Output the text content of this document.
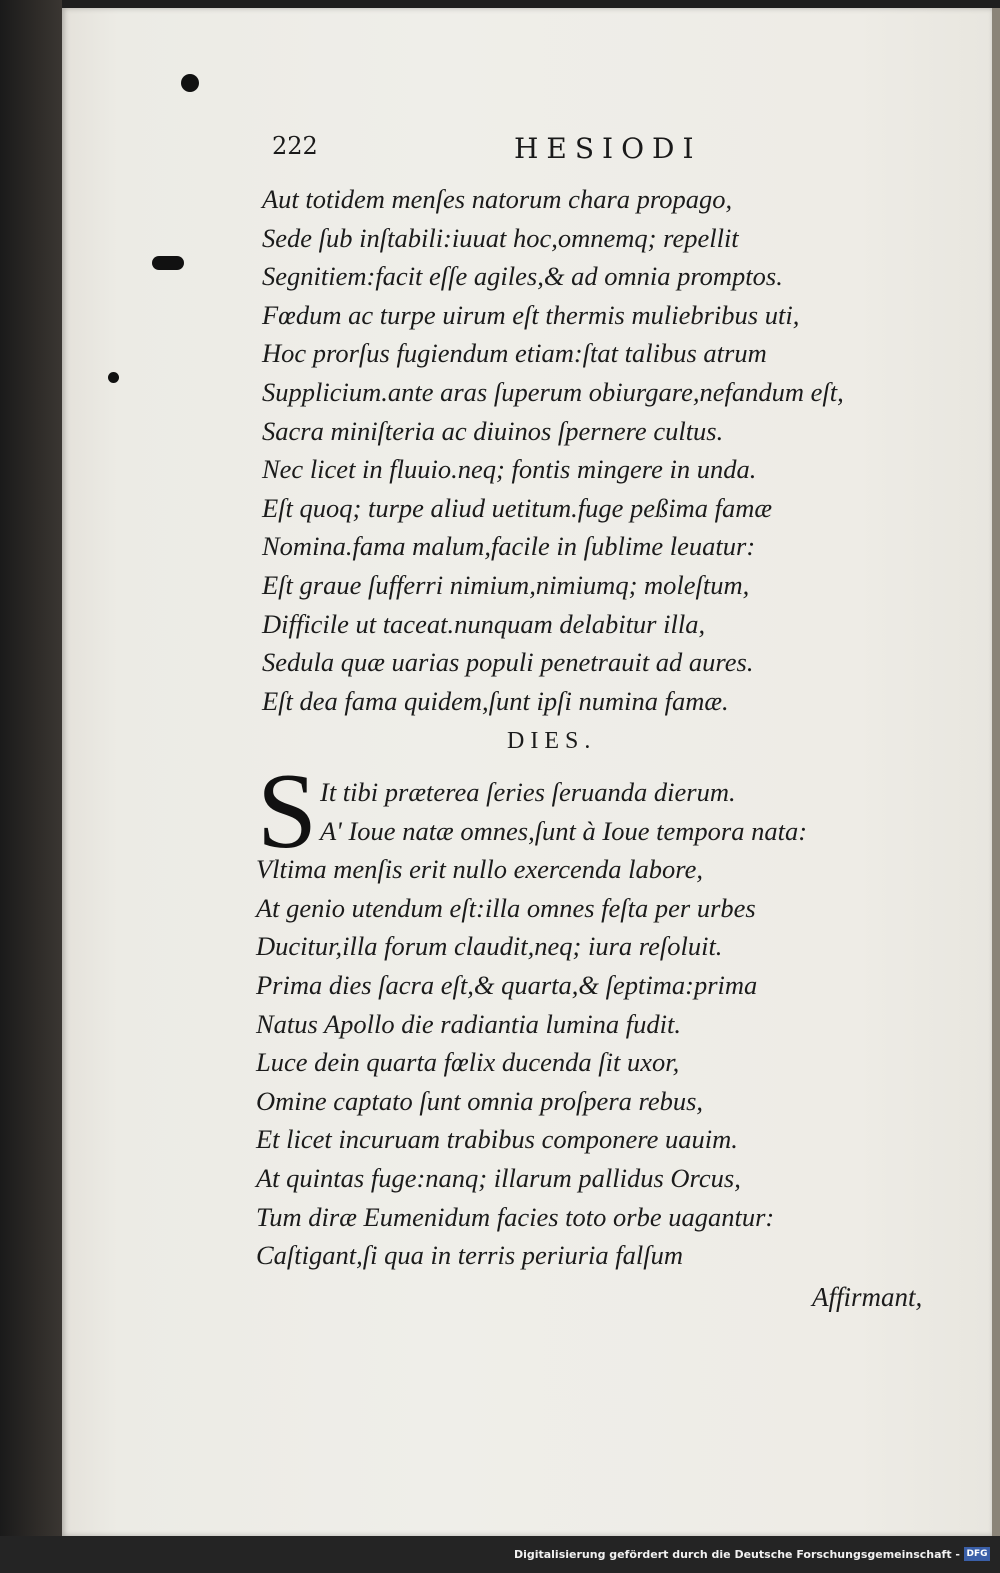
222	HESIODI
Aut totidem menſes natorum chara propago,
Sede ſub inſtabili:iuuat hoc,omnemq; repellit
Segnitiem:facit eſſe agiles,& ad omnia promptos.
Fœdum ac turpe uirum eſt thermis muliebribus uti,
Hoc prorſus fugiendum etiam:ſtat talibus atrum
Supplicium.ante aras ſuperum obiurgare,nefandum eſt,
Sacra miniſteria ac diuinos ſpernere cultus.
Nec licet in fluuio.neq; fontis mingere in unda.
Eſt quoq; turpe aliud uetitum.fuge peßima famæ
Nomina.fama malum,facile in ſublime leuatur:
Eſt graue ſufferri nimium,nimiumq; moleſtum,
Difficile ut taceat.nunquam delabitur illa,
Sedula quæ uarias populi penetrauit ad aures.
Eſt dea fama quidem,ſunt ipſi numina famæ.
DIES.
S It tibi præterea ſeries ſeruanda dierum.
A' Ioue natæ omnes,ſunt à Ioue tempora nata:
Vltima menſis erit nullo exercenda labore,
At genio utendum eſt:illa omnes feſta per urbes
Ducitur,illa forum claudit,neq; iura reſoluit.
Prima dies ſacra eſt,& quarta,& ſeptima:prima
Natus Apollo die radiantia lumina fudit.
Luce dein quarta fœlix ducenda ſit uxor,
Omine captato ſunt omnia proſpera rebus,
Et licet incuruam trabibus componere uauim.
At quintas fuge:nanq; illarum pallidus Orcus,
Tum diræ Eumenidum facies toto orbe uagantur:
Caſtigant,ſi qua in terris periuria falſum
Affirmant,
Digitalisierung gefördert durch die Deutsche Forschungsgemeinschaft - DFG
